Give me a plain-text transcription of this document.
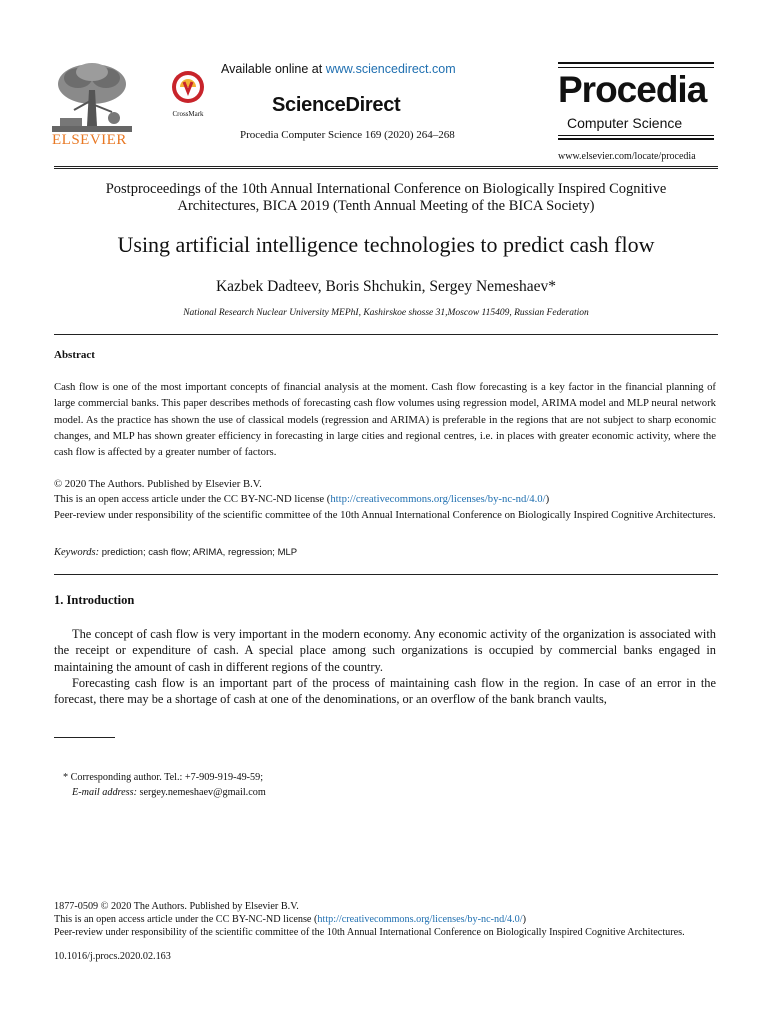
ELSEVIER
CrossMark
Available online at www.sciencedirect.com
ScienceDirect
Procedia Computer Science 169 (2020) 264–268
Procedia
Computer Science
www.elsevier.com/locate/procedia
Postproceedings of the 10th Annual International Conference on Biologically Inspired Cognitive
Architectures, BICA 2019 (Tenth Annual Meeting of the BICA Society)
Using artificial intelligence technologies to predict cash flow
Kazbek Dadteev, Boris Shchukin, Sergey Nemeshaev*
National Research Nuclear University MEPhI, Kashirskoe shosse 31,Moscow 115409, Russian Federation
Abstract
Cash flow is one of the most important concepts of financial analysis at the moment. Cash flow forecasting is a key factor in the financial planning of large commercial banks. This paper describes methods of forecasting cash flow volumes using regression model, ARIMA model and MLP neural network model. As the practice has shown the use of classical models (regression and ARIMA) is preferable in the regions that are not subject to sharp economic changes, and MLP has shown greater efficiency in forecasting in large cities and regional centres, i.e. in places with greater economic activity, where the cash flow is affected by a greater number of factors.
© 2020 The Authors. Published by Elsevier B.V.
This is an open access article under the CC BY-NC-ND license (http://creativecommons.org/licenses/by-nc-nd/4.0/)
Peer-review under responsibility of the scientific committee of the 10th Annual International Conference on Biologically Inspired Cognitive Architectures.
Keywords: prediction; cash flow; ARIMA, regression; MLP
1. Introduction
The concept of cash flow is very important in the modern economy. Any economic activity of the organization is associated with the receipt or expenditure of cash. A special place among such organizations is occupied by commercial banks engaged in maintaining the amount of cash in different regions of the country.
Forecasting cash flow is an important part of the process of maintaining cash flow in the region. In case of an error in the forecast, there may be a shortage of cash at one of the denominations, or an overflow of the bank branch vaults,
* Corresponding author. Tel.: +7-909-919-49-59;
E-mail address: sergey.nemeshaev@gmail.com
1877-0509 © 2020 The Authors. Published by Elsevier B.V.
This is an open access article under the CC BY-NC-ND license (http://creativecommons.org/licenses/by-nc-nd/4.0/)
Peer-review under responsibility of the scientific committee of the 10th Annual International Conference on Biologically Inspired Cognitive Architectures.
10.1016/j.procs.2020.02.163
